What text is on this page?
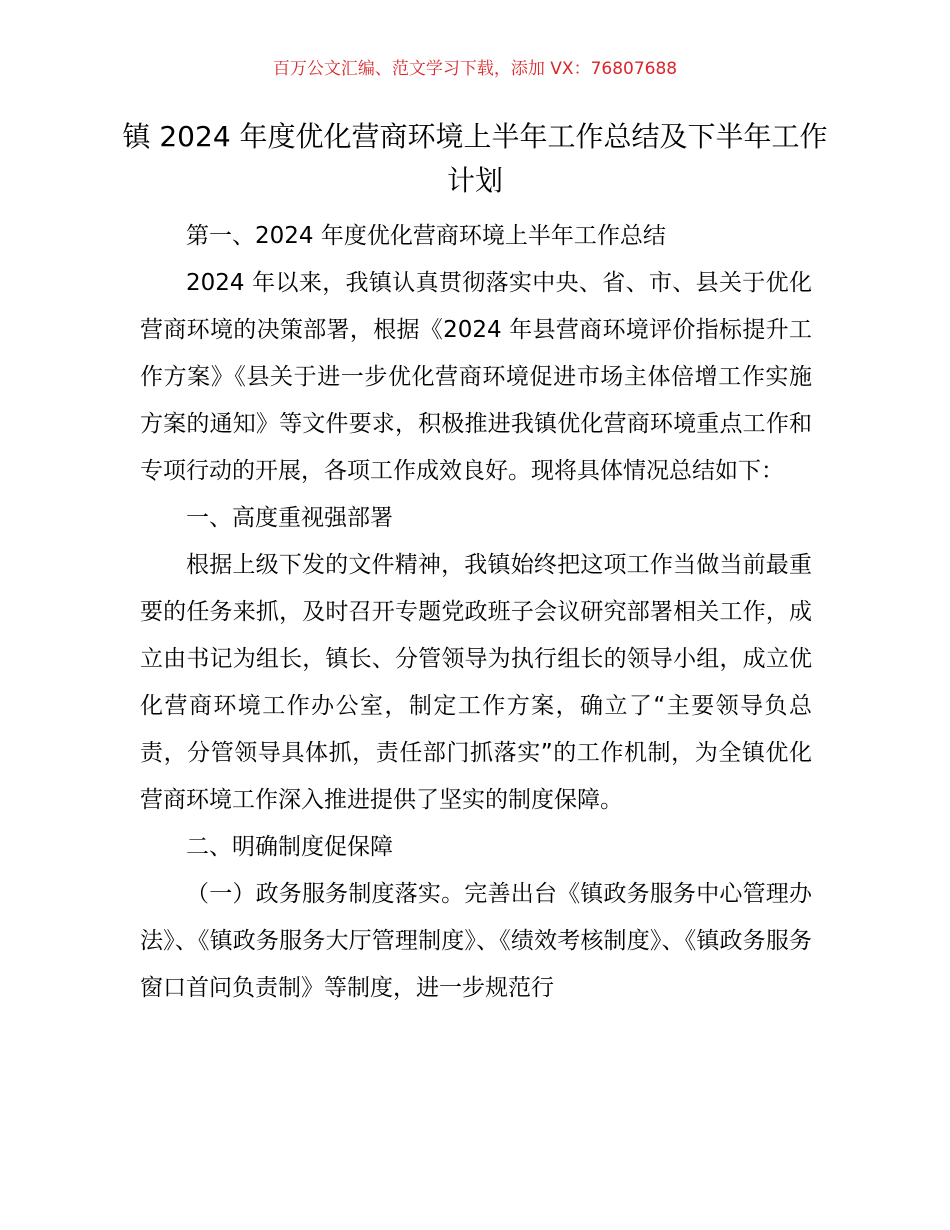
百万公文汇编、范文学习下载，添加 VX：76807688
镇 2024 年度优化营商环境上半年工作总结及下半年工作计划

第一、2024 年度优化营商环境上半年工作总结

2024 年以来，我镇认真贯彻落实中央、省、市、县关于优化营商环境的决策部署，根据《2024 年县营商环境评价指标提升工作方案》《县关于进一步优化营商环境促进市场主体倍增工作实施方案的通知》等文件要求，积极推进我镇优化营商环境重点工作和专项行动的开展，各项工作成效良好。现将具体情况总结如下：

一、高度重视强部署

根据上级下发的文件精神，我镇始终把这项工作当做当前最重要的任务来抓，及时召开专题党政班子会议研究部署相关工作，成立由书记为组长，镇长、分管领导为执行组长的领导小组，成立优化营商环境工作办公室，制定工作方案，确立了“主要领导负总责，分管领导具体抓，责任部门抓落实”的工作机制，为全镇优化营商环境工作深入推进提供了坚实的制度保障。

二、明确制度促保障

（一）政务服务制度落实。完善出台《镇政务服务中心管理办法》、《镇政务服务大厅管理制度》、《绩效考核制度》、《镇政务服务窗口首问负责制》等制度，进一步规范行
